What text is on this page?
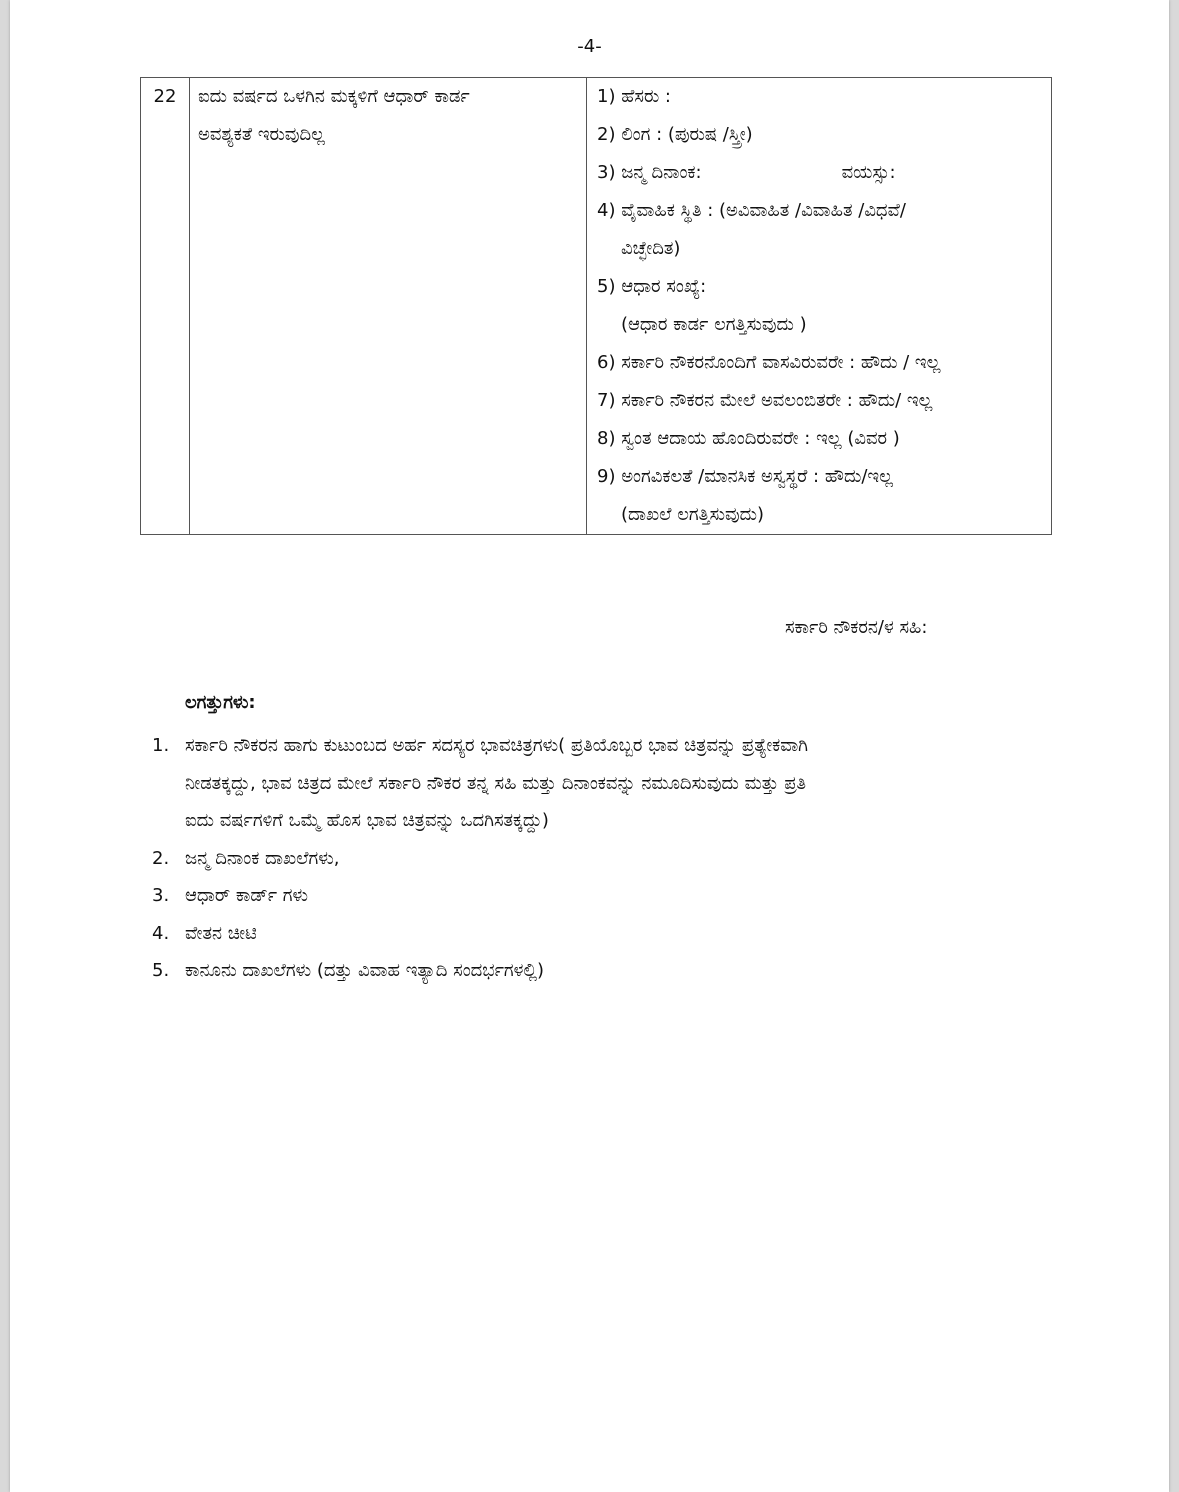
-4-
22	ಐದು ವರ್ಷದ ಒಳಗಿನ ಮಕ್ಕಳಿಗೆ ಆಧಾರ್ ಕಾರ್ಡ
ಅವಶ್ಯಕತೆ ಇರುವುದಿಲ್ಲ

1) ಹೆಸರು :
2) ಲಿಂಗ : (ಪುರುಷ /ಸ್ತ್ರೀ)
3) ಜನ್ಮ ದಿನಾಂಕ:	ವಯಸ್ಸು:
4) ವೈವಾಹಿಕ ಸ್ಥಿತಿ : (ಅವಿವಾಹಿತ /ವಿವಾಹಿತ /ವಿಧವೆ/
ವಿಚ್ಛೇದಿತ)
5) ಆಧಾರ ಸಂಖ್ಯೆ:
(ಆಧಾರ ಕಾರ್ಡ ಲಗತ್ತಿಸುವುದು )
6) ಸರ್ಕಾರಿ ನೌಕರನೊಂದಿಗೆ ವಾಸವಿರುವರೇ : ಹೌದು / ಇಲ್ಲ
7) ಸರ್ಕಾರಿ ನೌಕರನ ಮೇಲೆ ಅವಲಂಬಿತರೇ : ಹೌದು/ ಇಲ್ಲ
8) ಸ್ವಂತ ಆದಾಯ ಹೊಂದಿರುವರೇ : ಇಲ್ಲ (ವಿವರ )
9) ಅಂಗವಿಕಲತೆ /ಮಾನಸಿಕ ಅಸ್ವಸ್ಥರೆ : ಹೌದು/ಇಲ್ಲ
(ದಾಖಲೆ ಲಗತ್ತಿಸುವುದು)
ಸರ್ಕಾರಿ ನೌಕರನ/ಳ ಸಹಿ:
ಲಗತ್ತುಗಳು:
1. ಸರ್ಕಾರಿ ನೌಕರನ ಹಾಗು ಕುಟುಂಬದ ಅರ್ಹ ಸದಸ್ಯರ ಭಾವಚಿತ್ರಗಳು( ಪ್ರತಿಯೊಬ್ಬರ ಭಾವ ಚಿತ್ರವನ್ನು ಪ್ರತ್ಯೇಕವಾಗಿ
ನೀಡತಕ್ಕದ್ದು, ಭಾವ ಚಿತ್ರದ ಮೇಲೆ ಸರ್ಕಾರಿ ನೌಕರ ತನ್ನ ಸಹಿ ಮತ್ತು ದಿನಾಂಕವನ್ನು ನಮೂದಿಸುವುದು ಮತ್ತು ಪ್ರತಿ
ಐದು ವರ್ಷಗಳಿಗೆ ಒಮ್ಮೆ ಹೊಸ ಭಾವ ಚಿತ್ರವನ್ನು ಒದಗಿಸತಕ್ಕದ್ದು)
2. ಜನ್ಮ ದಿನಾಂಕ ದಾಖಲೆಗಳು,
3. ಆಧಾರ್ ಕಾರ್ಡ್ ಗಳು
4. ವೇತನ ಚೀಟಿ
5. ಕಾನೂನು ದಾಖಲೆಗಳು (ದತ್ತು ವಿವಾಹ ಇತ್ಯಾದಿ ಸಂದರ್ಭಗಳಲ್ಲಿ)
